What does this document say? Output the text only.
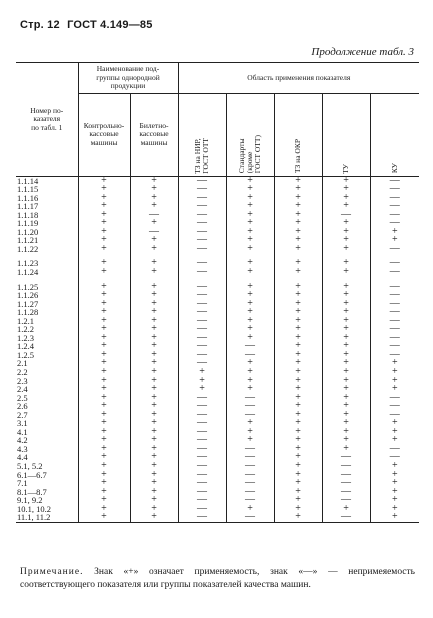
Стр. 12 ГОСТ 4.149—85
Продолжение табл. 3
Номер по-
казателя
по табл. 1	Наименование под-
группы однородной
продукции		Область применения показателя				

	Контрольно-
кассовые
машины	Билетно-
кассовые
машины	ТЗ на НИР,
ГОСТ ОТТ	Стандарты
(кроме
ГОСТ ОТТ)	ТЗ на ОКР	ТУ	КУ

1.1.14	+	+	—	+	+	+	—
1.1.15	+	+	—	+	+	+	—
1.1.16	+	+	—	+	+	+	—
1.1.17	+	+	—	+	+	+	—
1.1.18	+	—	—	+	+	—	—
1.1.19	+	+	—	+	+	+	—
1.1.20	+	—	—	+	+	+	+
1.1.21	+	+	—	+	+	+	+
1.1.22	+	+	—	+	+	+	—

1.1.23	+	+	—	+	+	+	—
1.1.24	+	+	—	+	+	+	—

1.1.25	+	+	—	+	+	+	—
1.1.26	+	+	—	+	+	+	—
1.1.27	+	+	—	+	+	+	—
1.1.28	+	+	—	+	+	+	—
1.2.1	+	+	—	+	+	+	—
1.2.2	+	+	—	+	+	+	—
1.2.3	+	+	—	+	+	+	—
1.2.4	+	+	—	—	+	+	—
1.2.5	+	+	—	—	+	+	—
2.1	+	+	—	+	+	+	+
2.2	+	+	+	+	+	+	+
2.3	+	+	+	+	+	+	+
2.4	+	+	+	+	+	+	+
2.5	+	+	—	—	+	+	—
2.6	+	+	—	—	+	+	—
2.7	+	+	—	—	+	+	—
3.1	+	+	—	+	+	+	+
4.1	+	+	—	+	+	+	+
4.2	+	+	—	+	+	+	+
4.3	+	+	—	—	+	+	—
4.4	+	+	—	—	+	—	—
5.1, 5.2	+	+	—	—	+	—	+
6.1—6.7	+	+	—	—	+	—	+
7.1	+	+	—	—	+	—	+
8.1—8.7	+	+	—	—	+	—	+
9.1, 9.2	+	+	—	—	+	—	+
10.1, 10.2	+	+	—	+	+	+	+
11.1, 11.2	+	+	—	—	+	—	+
Примечание. Знак «+» означает применяемость, знак «—» — непримеяемость соответствующего показателя или группы показателей качества машин.
